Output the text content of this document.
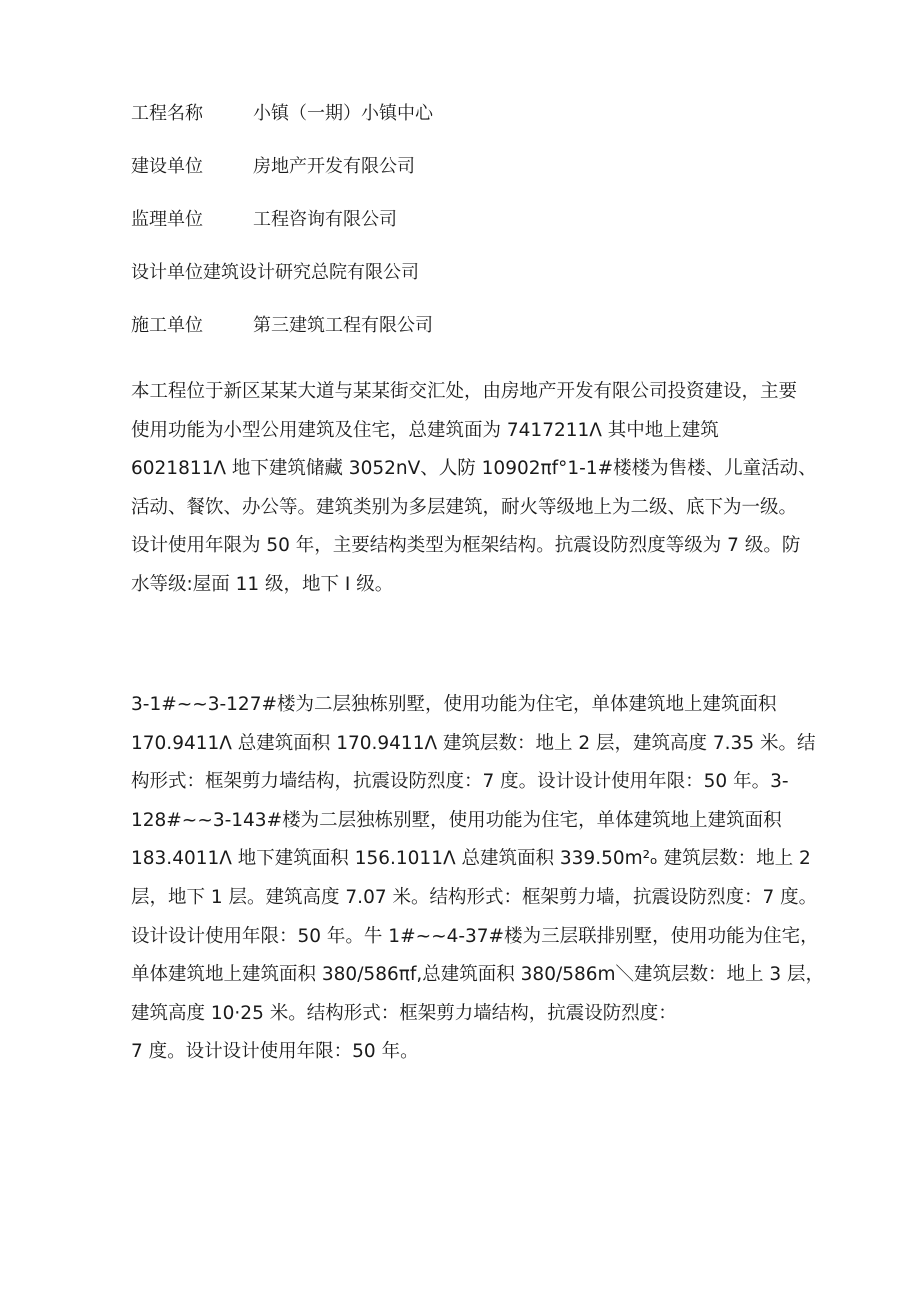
工程名称	小镇（一期）小镇中心
建设单位	房地产开发有限公司
监理单位	工程咨询有限公司
设计单位建筑设计研究总院有限公司
施工单位	第三建筑工程有限公司

本工程位于新区某某大道与某某街交汇处，由房地产开发有限公司投资建设，主要
使用功能为小型公用建筑及住宅，总建筑面为 7417211Λ 其中地上建筑
6021811Λ 地下建筑储藏 3052nV、人防 10902πf°1-1#楼楼为售楼、儿童活动、
活动、餐饮、办公等。建筑类别为多层建筑，耐火等级地上为二级、底下为一级。
设计使用年限为 50 年，主要结构类型为框架结构。抗震设防烈度等级为 7 级。防
水等级:屋面 11 级，地下 Ⅰ 级。

3-1#~~3-127#楼为二层独栋别墅，使用功能为住宅，单体建筑地上建筑面积
170.9411Λ 总建筑面积 170.9411Λ 建筑层数：地上 2 层，建筑高度 7.35 米。结
构形式：框架剪力墙结构，抗震设防烈度：7 度。设计设计使用年限：50 年。3-
128#~~3-143#楼为二层独栋别墅，使用功能为住宅，单体建筑地上建筑面积
183.4011Λ 地下建筑面积 156.1011Λ 总建筑面积 339.50m²ₒ 建筑层数：地上 2
层，地下 1 层。建筑高度 7.07 米。结构形式：框架剪力墙，抗震设防烈度：7 度。
设计设计使用年限：50 年。牛 1#~~4-37#楼为三层联排别墅，使用功能为住宅，
单体建筑地上建筑面积 380/586πf,总建筑面积 380/586m＼建筑层数：地上 3 层，
建筑高度 10·25 米。结构形式：框架剪力墙结构，抗震设防烈度：
7 度。设计设计使用年限：50 年。
